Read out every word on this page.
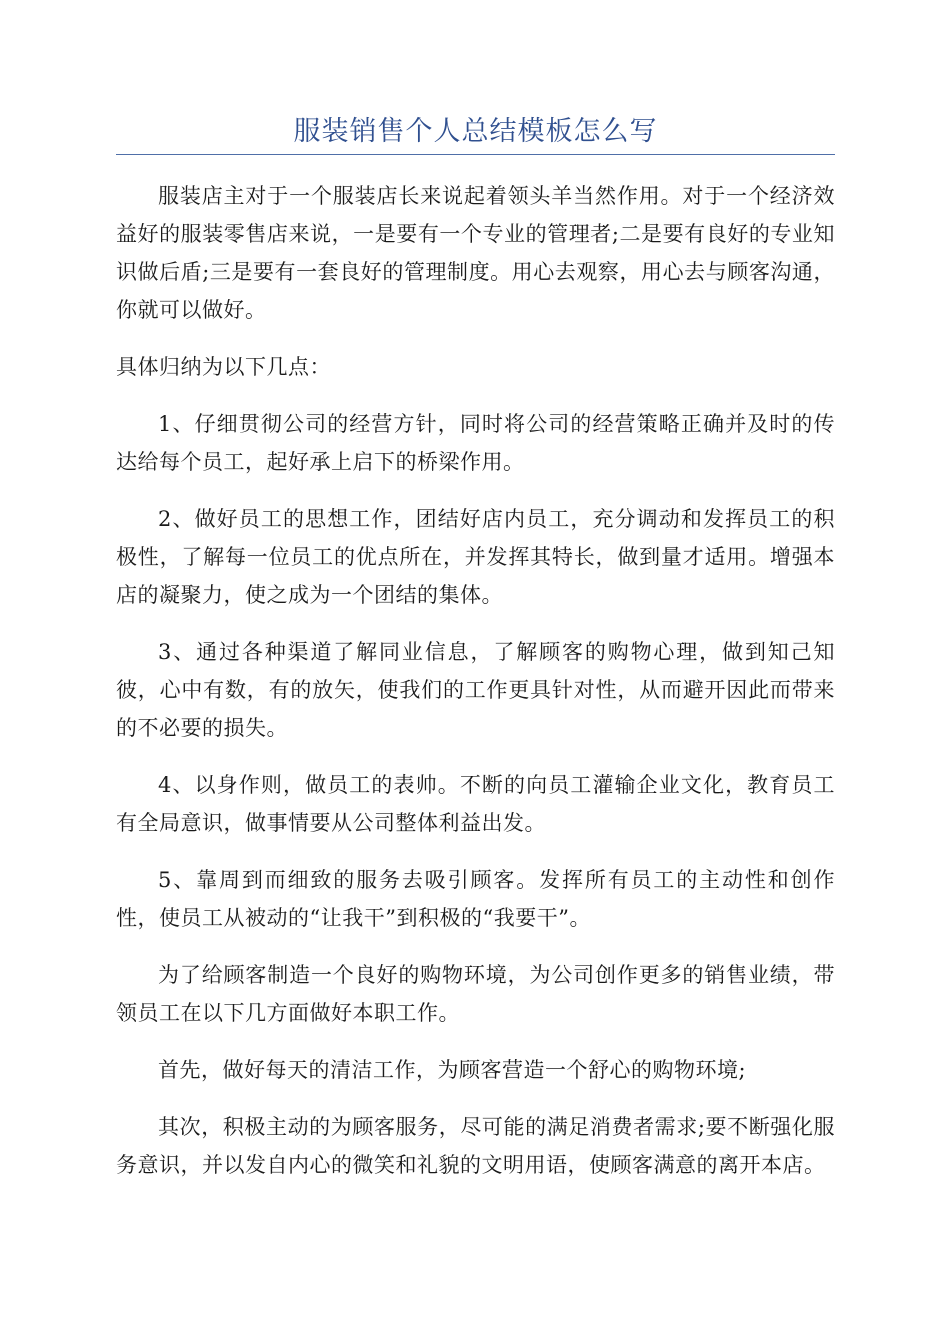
服装销售个人总结模板怎么写

服装店主对于一个服装店长来说起着领头羊当然作用。对于一个经济效益好的服装零售店来说，一是要有一个专业的管理者;二是要有良好的专业知识做后盾;三是要有一套良好的管理制度。用心去观察，用心去与顾客沟通，你就可以做好。

具体归纳为以下几点：

1、仔细贯彻公司的经营方针，同时将公司的经营策略正确并及时的传达给每个员工，起好承上启下的桥梁作用。

2、做好员工的思想工作，团结好店内员工，充分调动和发挥员工的积极性，了解每一位员工的优点所在，并发挥其特长，做到量才适用。增强本店的凝聚力，使之成为一个团结的集体。

3、通过各种渠道了解同业信息，了解顾客的购物心理，做到知己知彼，心中有数，有的放矢，使我们的工作更具针对性，从而避开因此而带来的不必要的损失。

4、以身作则，做员工的表帅。不断的向员工灌输企业文化，教育员工有全局意识，做事情要从公司整体利益出发。

5、靠周到而细致的服务去吸引顾客。发挥所有员工的主动性和创作性，使员工从被动的“让我干”到积极的“我要干”。

为了给顾客制造一个良好的购物环境，为公司创作更多的销售业绩，带领员工在以下几方面做好本职工作。

首先，做好每天的清洁工作，为顾客营造一个舒心的购物环境;

其次，积极主动的为顾客服务，尽可能的满足消费者需求;要不断强化服务意识，并以发自内心的微笑和礼貌的文明用语，使顾客满意的离开本店。
